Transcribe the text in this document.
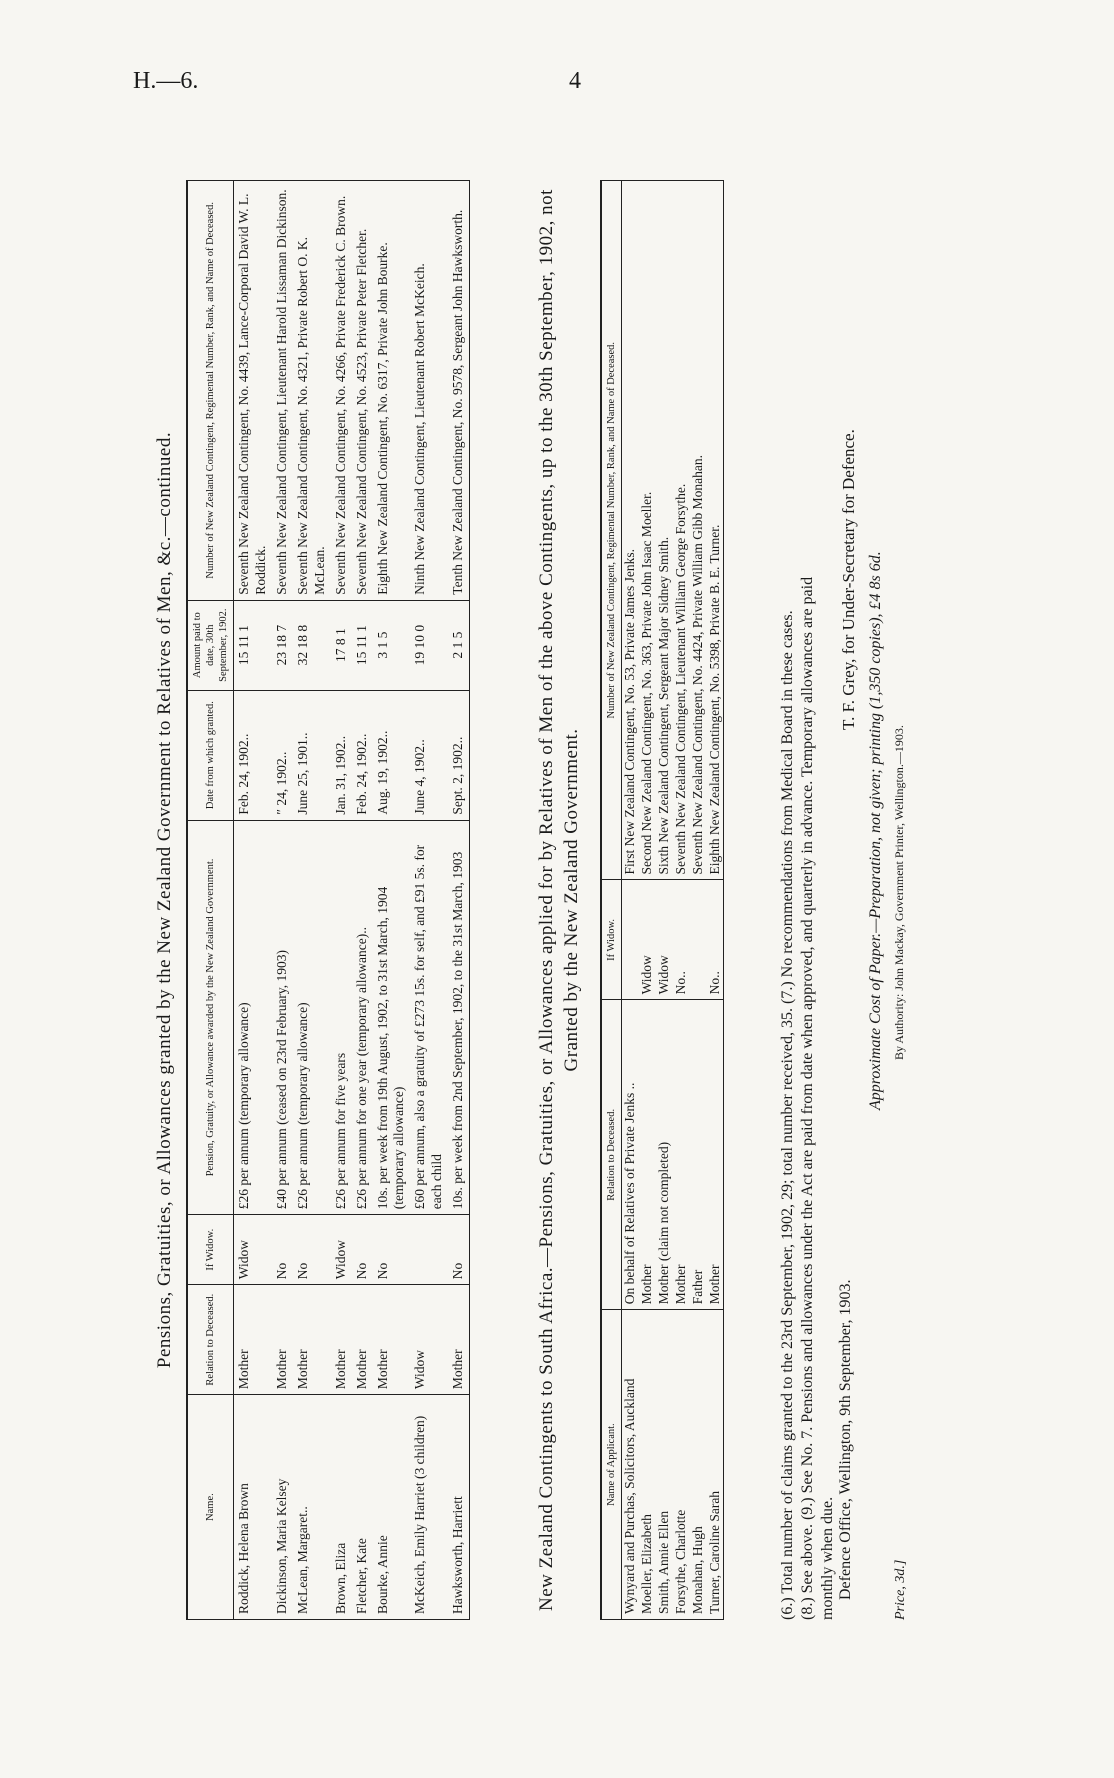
H.—6.	4
Pensions, Gratuities, or Allowances granted by the New Zealand Government to Relatives of Men, &c.—continued.
Name.	Relation to Deceased.	If Widow.	Pension, Gratuity, or Allowance awarded by the New Zealand Government.	Date from which granted.	Amount paid to date, 30th September, 1902.	Number of New Zealand Contingent, Regimental Number, Rank, and Name of Deceased.
Roddick, Helena Brown	Mother	Widow	£26 per annum (temporary allowance)	Feb. 24, 1902..	15 11 1	Seventh New Zealand Contingent, No. 4439, Lance-Corporal David W. L. Roddick.
Dickinson, Maria Kelsey	Mother	No	£40 per annum (ceased on 23rd February, 1903)	″ 24, 1902..	23 18 7	Seventh New Zealand Contingent, Lieutenant Harold Lissaman Dickinson.
McLean, Margaret..	Mother	No	£26 per annum (temporary allowance)	June 25, 1901..	32 18 8	Seventh New Zealand Contingent, No. 4321, Private Robert O. K. McLean.
Brown, Eliza	Mother	Widow	£26 per annum for five years	Jan. 31, 1902..	17 8 1	Seventh New Zealand Contingent, No. 4266, Private Frederick C. Brown.
Fletcher, Kate	Mother	No	£26 per annum for one year (temporary allowance)..	Feb. 24, 1902..	15 11 1	Seventh New Zealand Contingent, No. 4523, Private Peter Fletcher.
Bourke, Annie	Mother	No	10s. per week from 19th August, 1902, to 31st March, 1904 (temporary allowance)	Aug. 19, 1902..	3 1 5	Eighth New Zealand Contingent, No. 6317, Private John Bourke.
McKeich, Emily Harriet (3 children)	Widow		£60 per annum, also a gratuity of £273 15s. for self, and £91 5s. for each child	June 4, 1902..	19 10 0	Ninth New Zealand Contingent, Lieutenant Robert McKeich.
Hawksworth, Harriett	Mother	No	10s. per week from 2nd September, 1902, to the 31st March, 1903	Sept. 2, 1902..	2 1 5	Tenth New Zealand Contingent, No. 9578, Sergeant John Hawksworth.	New Zealand Contingents to South Africa.—Pensions, Gratuities, or Allowances applied for by Relatives of Men of the above Contingents, up to the 30th September, 1902, not Granted by the New Zealand Government.
Name of Applicant.	Relation to Deceased.	If Widow.	Number of New Zealand Contingent, Regimental Number, Rank, and Name of Deceased.
Wynyard and Purchas, Solicitors, Auckland	On behalf of Relatives of Private Jenks ..		First New Zealand Contingent, No. 53, Private James Jenks.
Moeller, Elizabeth	Mother	Widow	Second New Zealand Contingent, No. 363, Private John Isaac Moeller.
Smith, Annie Ellen	Mother (claim not completed)	Widow	Sixth New Zealand Contingent, Sergeant Major Sidney Smith.
Forsythe, Charlotte	Mother	No..	Seventh New Zealand Contingent, Lieutenant William George Forsythe.
Monahan, Hugh	Father		Seventh New Zealand Contingent, No. 4424, Private William Gibb Monahan.
Turner, Caroline Sarah	Mother	No..	Eighth New Zealand Contingent, No. 5398, Private B. E. Turner.	(6.) Total number of claims granted to the 23rd September, 1902, 29; total number received, 35. (7.) No recommendations from Medical Board in these cases. (8.) See above. (9.) See No. 7. Pensions and allowances under the Act are paid from date when approved, and quarterly in advance. Temporary allowances are paid monthly when due. Defence Office, Wellington, 9th September, 1903.
T. F. Grey, for Under-Secretary for Defence. Approximate Cost of Paper.—Preparation, not given; printing (1,350 copies), £4 8s 6d.
Price, 3d.]
By Authority: John Mackay, Government Printer, Wellington.—1903.
